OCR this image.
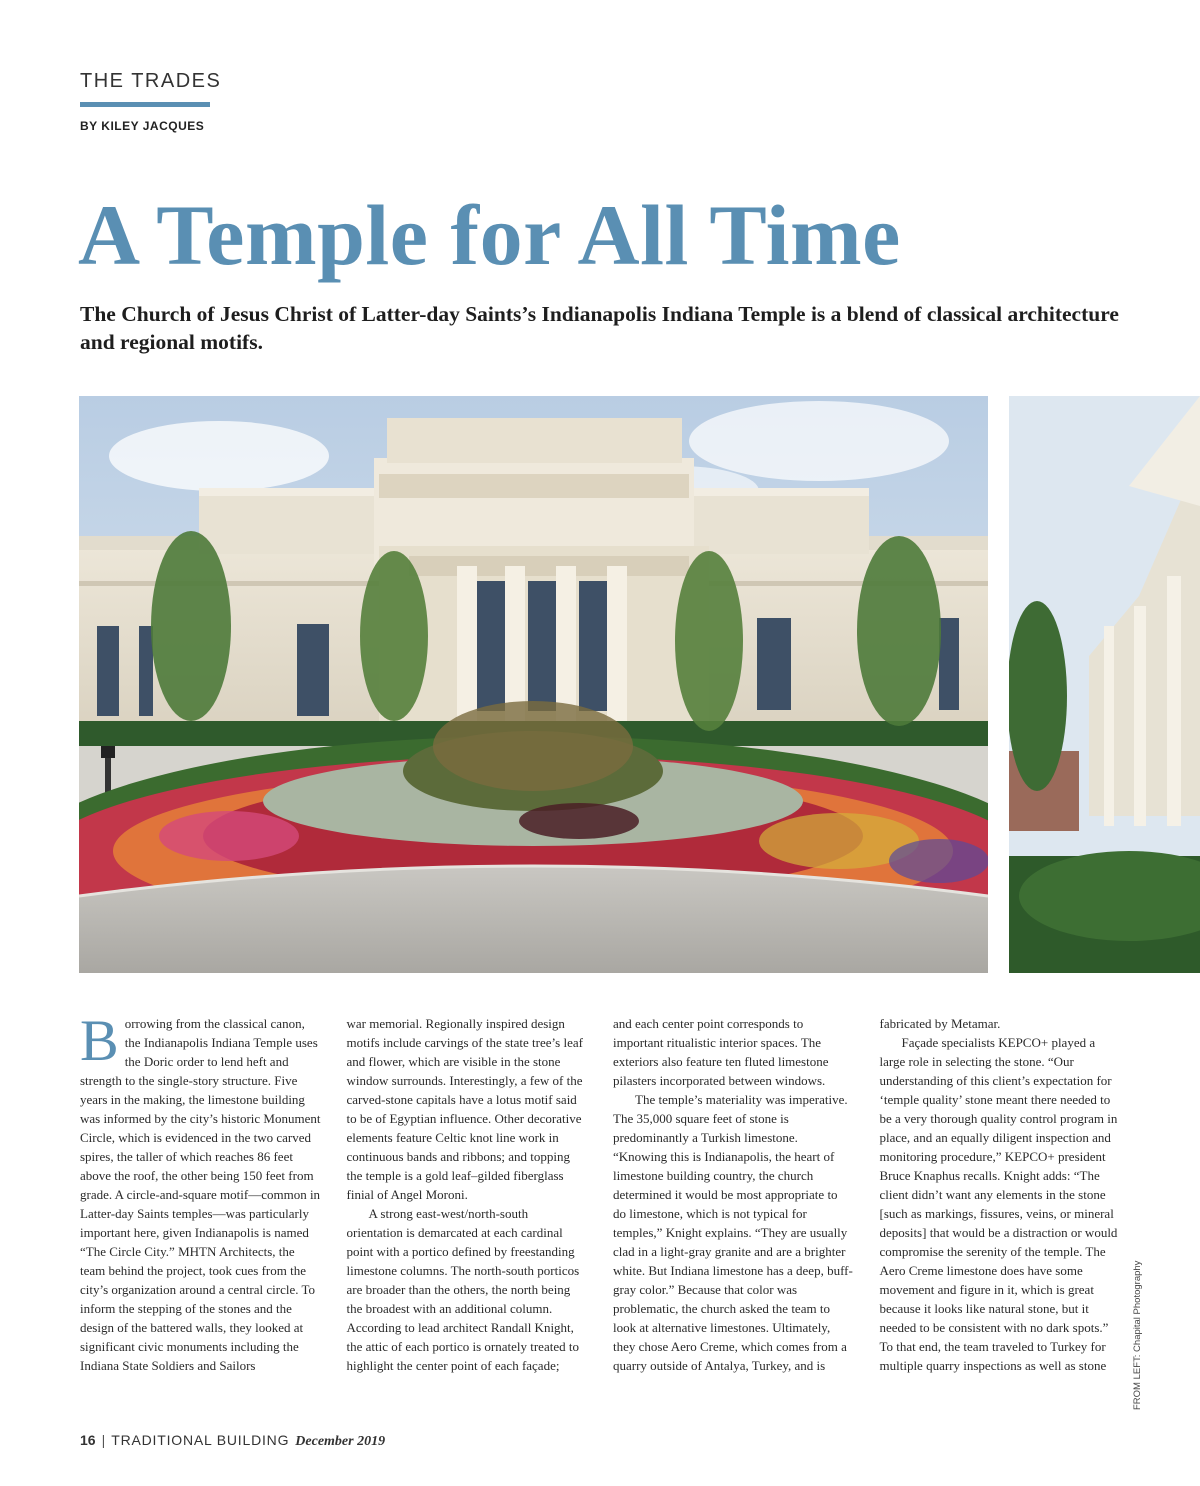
THE TRADES
BY KILEY JACQUES
A Temple for All Time

The Church of Jesus Christ of Latter-day Saints’s Indianapolis Indiana Temple is a blend of classical architecture and regional motifs.

Borrowing from the classical canon, the Indianapolis Indiana Temple uses the Doric order to lend heft and strength to the single-story structure. Five years in the making, the limestone building was informed by the city’s historic Monument Circle, which is evidenced in the two carved spires, the taller of which reaches 86 feet above the roof, the other being 150 feet from grade. A circle-and-square motif—common in Latter-day Saints temples—was particularly important here, given Indianapolis is named “The Circle City.” MHTN Architects, the team behind the project, took cues from the city’s organization around a central circle. To inform the stepping of the stones and the design of the battered walls, they looked at significant civic monuments including the Indiana State Soldiers and Sailors

war memorial. Regionally inspired design motifs include carvings of the state tree’s leaf and flower, which are visible in the stone window surrounds. Interestingly, a few of the carved-stone capitals have a lotus motif said to be of Egyptian influence. Other decorative elements feature Celtic knot line work in continuous bands and ribbons; and topping the temple is a gold leaf–gilded fiberglass finial of Angel Moroni.

A strong east-west/north-south orientation is demarcated at each cardinal point with a portico defined by freestanding limestone columns. The north-south porticos are broader than the others, the north being the broadest with an additional column. According to lead architect Randall Knight, the attic of each portico is ornately treated to highlight the center point of each façade;

and each center point corresponds to important ritualistic interior spaces. The exteriors also feature ten fluted limestone pilasters incorporated between windows.

The temple’s materiality was imperative. The 35,000 square feet of stone is predominantly a Turkish limestone. “Knowing this is Indianapolis, the heart of limestone building country, the church determined it would be most appropriate to do limestone, which is not typical for temples,” Knight explains. “They are usually clad in a light-gray granite and are a brighter white. But Indiana limestone has a deep, buff-gray color.” Because that color was problematic, the church asked the team to look at alternative limestones. Ultimately, they chose Aero Creme, which comes from a quarry outside of Antalya, Turkey, and is

fabricated by Metamar.

Façade specialists KEPCO+ played a large role in selecting the stone. “Our understanding of this client’s expectation for ‘temple quality’ stone meant there needed to be a very thorough quality control program in place, and an equally diligent inspection and monitoring procedure,” KEPCO+ president Bruce Knaphus recalls. Knight adds: “The client didn’t want any elements in the stone [such as markings, fissures, veins, or mineral deposits] that would be a distraction or would compromise the serenity of the temple. The Aero Creme limestone does have some movement and figure in it, which is great because it looks like natural stone, but it needed to be consistent with no dark spots.” To that end, the team traveled to Turkey for multiple quarry inspections as well as stone	FROM LEFT: Chapital Photography
16 | TRADITIONAL BUILDING December 2019
